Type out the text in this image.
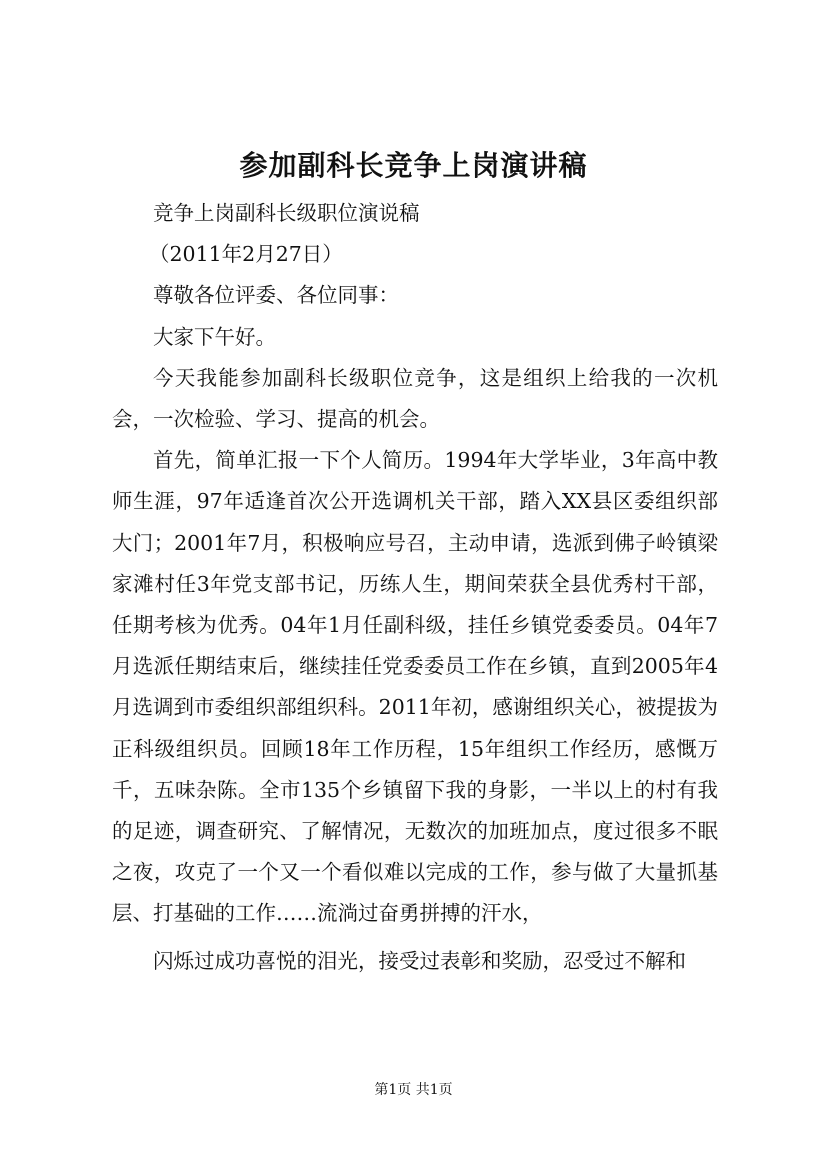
参加副科长竞争上岗演讲稿

竞争上岗副科长级职位演说稿

（2011年2月27日）

尊敬各位评委、各位同事：

大家下午好。

今天我能参加副科长级职位竞争，这是组织上给我的一次机会，一次检验、学习、提高的机会。

首先，简单汇报一下个人简历。1994年大学毕业，3年高中教师生涯，97年适逢首次公开选调机关干部，踏入XX县区委组织部大门；2001年7月，积极响应号召，主动申请，选派到佛子岭镇梁家滩村任3年党支部书记，历练人生，期间荣获全县优秀村干部，任期考核为优秀。04年1月任副科级，挂任乡镇党委委员。04年7月选派任期结束后，继续挂任党委委员工作在乡镇，直到2005年4月选调到市委组织部组织科。2011年初，感谢组织关心，被提拔为正科级组织员。回顾18年工作历程，15年组织工作经历，感慨万千，五味杂陈。全市135个乡镇留下我的身影，一半以上的村有我的足迹，调查研究、了解情况，无数次的加班加点，度过很多不眠之夜，攻克了一个又一个看似难以完成的工作，参与做了大量抓基层、打基础的工作……流淌过奋勇拼搏的汗水，

闪烁过成功喜悦的泪光，接受过表彰和奖励，忍受过不解和

第1页 共1页
